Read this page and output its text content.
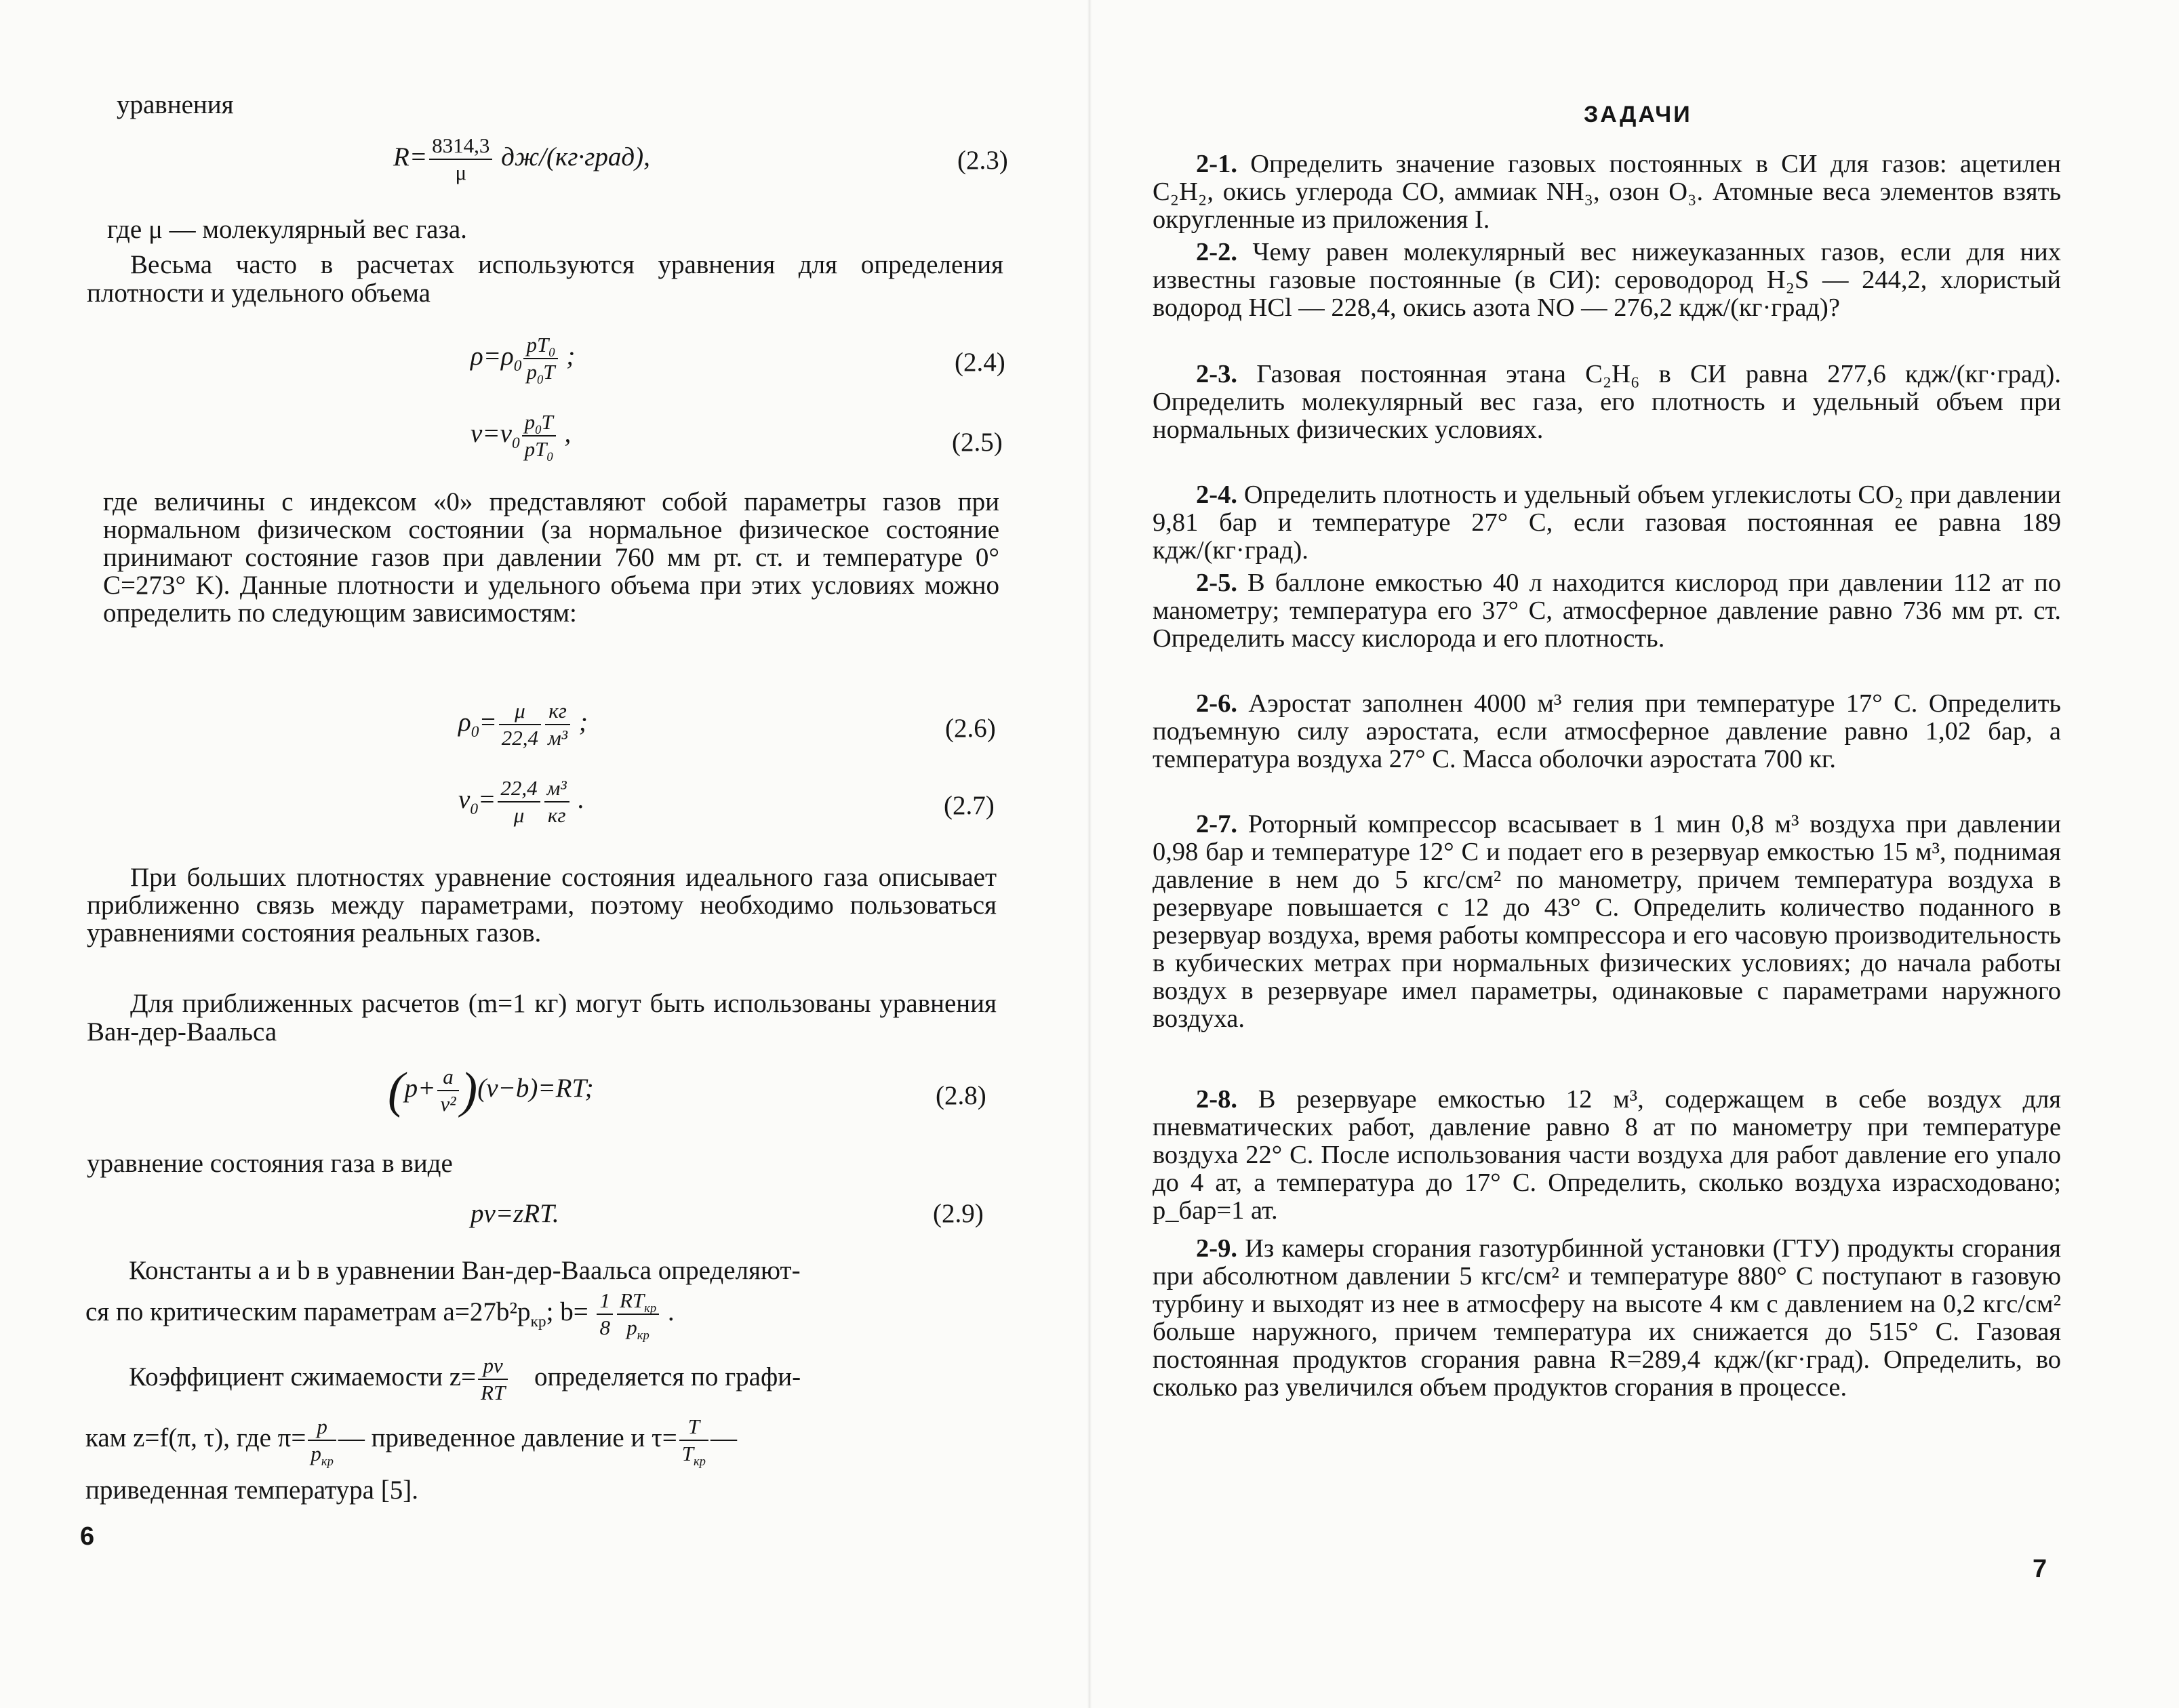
уравнения
$R= \frac{8314,3}{\mu}$ дж/(кг·град),	(2.3)
где μ — молекулярный вес газа.
Весьма часто в расчетах используются уравнения для определения плотности и удельного объема
$\rho=\rho_0 \frac{pT_0}{p_0T}$ ;	(2.4)
$v=v_0 \frac{p_0T}{pT_0}$ ,	(2.5)
где величины с индексом «0» представляют собой параметры газов при нормальном физическом состоянии (за нормальное физическое состояние принимают состояние газов при давлении 760 мм рт. ст. и температуре 0° C=273° K). Данные плотности и удельного объема при этих условиях можно определить по следующим зависимостям:
$\rho_0= \frac{\mu}{22,4} \frac{кг}{\text{м³}}$ ;	(2.6)
$v_0= \frac{22,4}{\mu} \frac{\text{м³}}{кг}$ .	(2.7)
При больших плотностях уравнение состояния идеального газа описывает приближенно связь между параметрами, поэтому необходимо пользоваться уравнениями состояния реальных газов.
Для приближенных расчетов (m=1 кг) могут быть использованы уравнения Ван-дер-Ваальса
$(p+ \frac{a}{\text{v²}} )(v-b)=RT$;	(2.8)
уравнение состояния газа в виде
pv=zRT.	(2.9)
Константы a и b в уравнении Ван-дер-Ваальса определяют-
ся по критическим параметрам $a=27b^2p_{кр}$; $b= \frac{1}{8} \frac{RT_{кр}}{p_{кр}}$ .
Коэффициент сжимаемости $z= \frac{pv}{RT}$ определяется по графи-
кам z=f(π, τ), где $\pi= \frac{p}{p_{кр}}$ — приведенное давление и $\tau= \frac{T}{T_{кр}}$ —
приведенная температура [5].
6
ЗАДАЧИ
2-1. Определить значение газовых постоянных в СИ для газов: ацетилен C₂H₂, окись углерода CO, аммиак NH₃, озон O₃. Атомные веса элементов взять округленные из приложения I.
2-2. Чему равен молекулярный вес нижеуказанных газов, если для них известны газовые постоянные (в СИ): сероводород H₂S — 244,2, хлористый водород HCl — 228,4, окись азота NO — 276,2 кдж/(кг·град)?
2-3. Газовая постоянная этана C₂H₆ в СИ равна 277,6 кдж/(кг·град). Определить молекулярный вес газа, его плотность и удельный объем при нормальных физических условиях.
2-4. Определить плотность и удельный объем углекислоты CO₂ при давлении 9,81 бар и температуре 27° C, если газовая постоянная ее равна 189 кдж/(кг·град).
2-5. В баллоне емкостью 40 л находится кислород при давлении 112 ат по манометру; температура его 37° C, атмосферное давление равно 736 мм рт. ст. Определить массу кислорода и его плотность.
2-6. Аэростат заполнен 4000 м³ гелия при температуре 17° C. Определить подъемную силу аэростата, если атмосферное давление равно 1,02 бар, а температура воздуха 27° C. Масса оболочки аэростата 700 кг.
2-7. Роторный компрессор всасывает в 1 мин 0,8 м³ воздуха при давлении 0,98 бар и температуре 12° C и подает его в резервуар емкостью 15 м³, поднимая давление в нем до 5 кгс/см² по манометру, причем температура воздуха в резервуаре повышается с 12 до 43° C. Определить количество поданного в резервуар воздуха, время работы компрессора и его часовую производительность в кубических метрах при нормальных физических условиях; до начала работы воздух в резервуаре имел параметры, одинаковые с параметрами наружного воздуха.
2-8. В резервуаре емкостью 12 м³, содержащем в себе воздух для пневматических работ, давление равно 8 ат по манометру при температуре воздуха 22° C. После использования части воздуха для работ давление его упало до 4 ат, а температура до 17° C. Определить, сколько воздуха израсходовано; p_бар=1 ат.
2-9. Из камеры сгорания газотурбинной установки (ГТУ) продукты сгорания при абсолютном давлении 5 кгс/см² и температуре 880° C поступают в газовую турбину и выходят из нее в атмосферу на высоте 4 км с давлением на 0,2 кгс/см² больше наружного, причем температура их снижается до 515° C. Газовая постоянная продуктов сгорания равна R=289,4 кдж/(кг·град). Определить, во сколько раз увеличился объем продуктов сгорания в процессе.
7
